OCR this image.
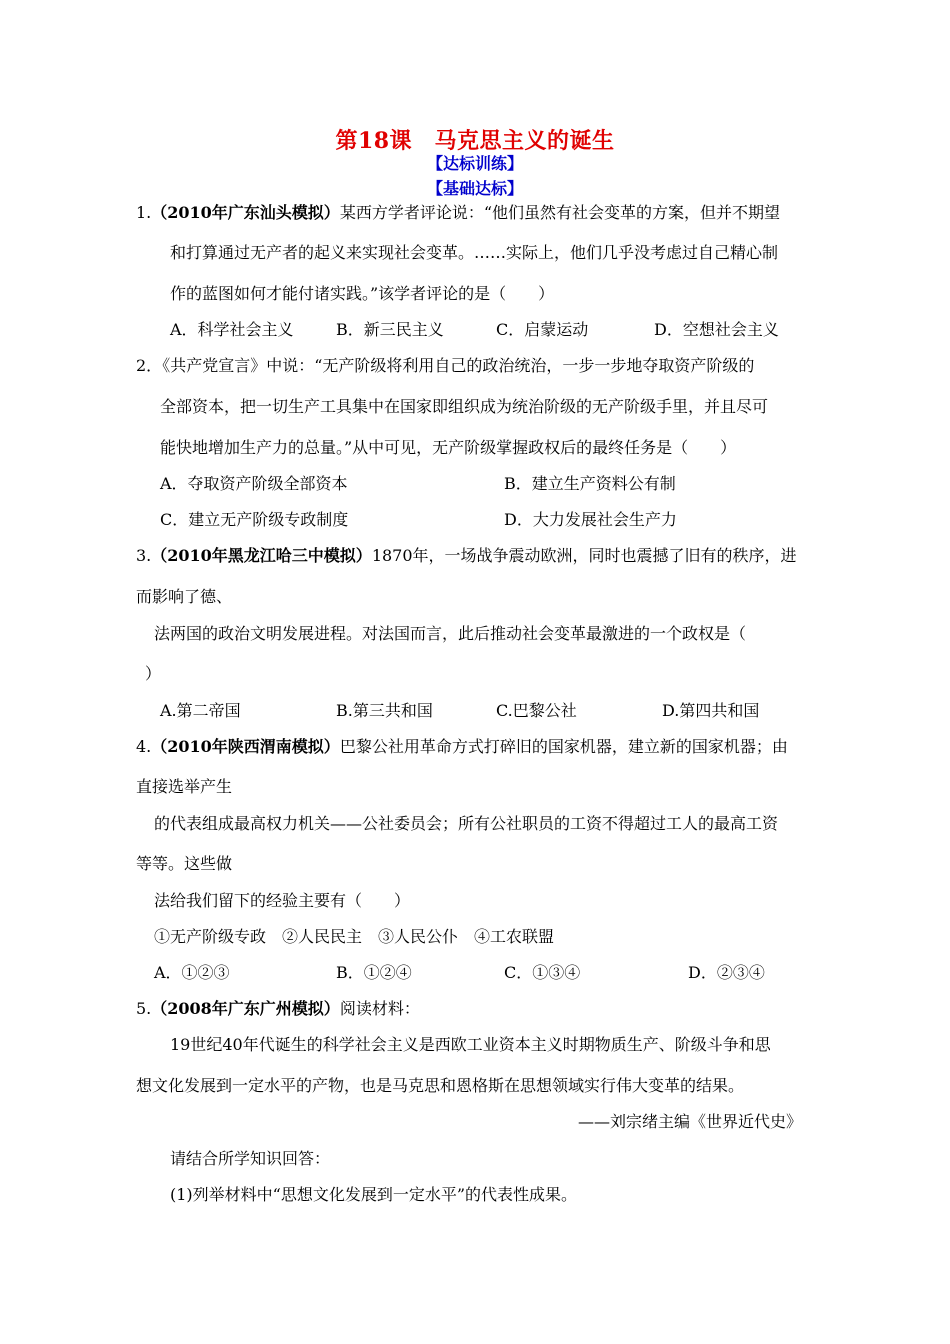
第18课　马克思主义的诞生
【达标训练】
【基础达标】
1.（2010年广东汕头模拟）某西方学者评论说：“他们虽然有社会变革的方案，但并不期望
和打算通过无产者的起义来实现社会变革。……实际上，他们几乎没考虑过自己精心制
作的蓝图如何才能付诸实践。”该学者评论的是（　　）
A．科学社会主义	B．新三民主义	C．启蒙运动	D．空想社会主义
2．《共产党宣言》中说：“无产阶级将利用自己的政治统治，一步一步地夺取资产阶级的
全部资本，把一切生产工具集中在国家即组织成为统治阶级的无产阶级手里，并且尽可
能快地增加生产力的总量。”从中可见，无产阶级掌握政权后的最终任务是（　　）
A．夺取资产阶级全部资本	B．建立生产资料公有制
C．建立无产阶级专政制度	D．大力发展社会生产力
3.（2010年黑龙江哈三中模拟）1870年，一场战争震动欧洲，同时也震撼了旧有的秩序，进
而影响了德、
法两国的政治文明发展进程。对法国而言，此后推动社会变革最激进的一个政权是（
）
A.第二帝国	B.第三共和国	C.巴黎公社	D.第四共和国
4.（2010年陕西渭南模拟）巴黎公社用革命方式打碎旧的国家机器，建立新的国家机器；由
直接选举产生
的代表组成最高权力机关——公社委员会；所有公社职员的工资不得超过工人的最高工资
等等。这些做
法给我们留下的经验主要有（　　）
①无产阶级专政　②人民民主　③人民公仆　④工农联盟
A．①②③	B．①②④	C．①③④	D．②③④
5.（2008年广东广州模拟）阅读材料：
19世纪40年代诞生的科学社会主义是西欧工业资本主义时期物质生产、阶级斗争和思
想文化发展到一定水平的产物，也是马克思和恩格斯在思想领域实行伟大变革的结果。
——刘宗绪主编《世界近代史》
请结合所学知识回答：
(1)列举材料中“思想文化发展到一定水平”的代表性成果。
